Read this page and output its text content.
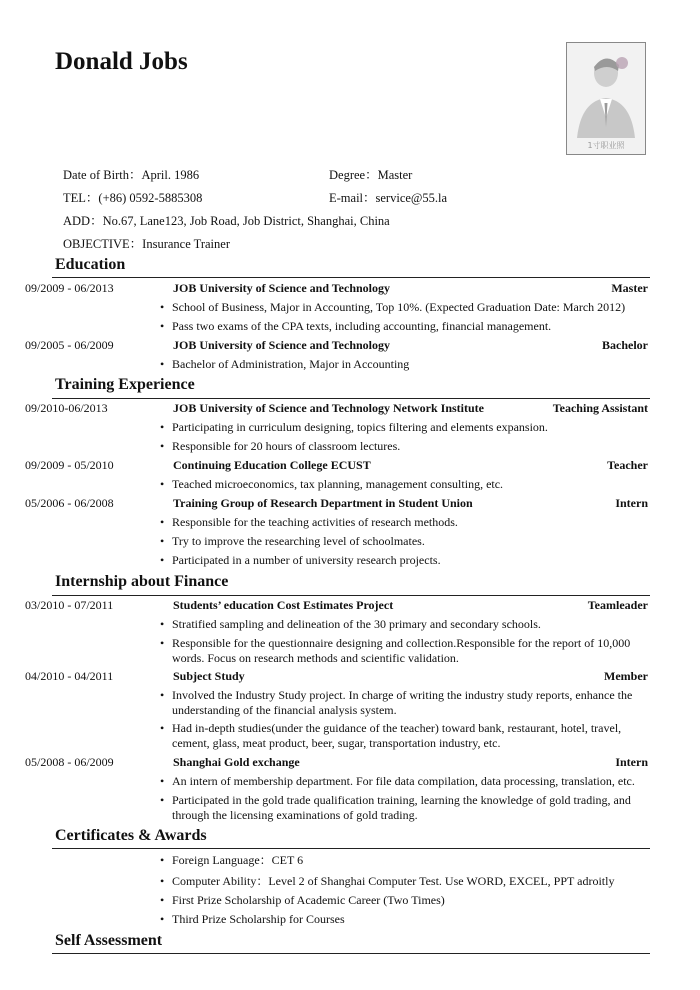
Donald Jobs
1寸职业照
Date of Birth：April. 1986	Degree：Master
TEL：(+86) 0592-5885308	E-mail：service@55.la
ADD：No.67, Lane123, Job Road, Job District, Shanghai, China
OBJECTIVE：Insurance Trainer
Education
09/2009 - 06/2013	JOB University of Science and Technology	Master
• School of Business, Major in Accounting, Top 10%. (Expected Graduation Date: March 2012)
• Pass two exams of the CPA texts, including accounting, financial management.
09/2005 - 06/2009	JOB University of Science and Technology	Bachelor
• Bachelor of Administration, Major in Accounting
Training Experience
09/2010-06/2013	JOB University of Science and Technology Network Institute	Teaching Assistant
• Participating in curriculum designing, topics filtering and elements expansion.
• Responsible for 20 hours of classroom lectures.
09/2009 - 05/2010	Continuing Education College ECUST	Teacher
• Teached microeconomics, tax planning, management consulting, etc.
05/2006 - 06/2008	Training Group of Research Department in Student Union	Intern
• Responsible for the teaching activities of research methods.
• Try to improve the researching level of schoolmates.
• Participated in a number of university research projects.
Internship about Finance
03/2010 - 07/2011	Students’ education Cost Estimates Project	Teamleader
• Stratified sampling and delineation of the 30 primary and secondary schools.
• Responsible for the questionnaire designing and collection.Responsible for the report of 10,000 words. Focus on research methods and scientific validation.
04/2010 - 04/2011	Subject Study	Member
• Involved the Industry Study project. In charge of writing the industry study reports, enhance the understanding of the financial analysis system.
• Had in-depth studies(under the guidance of the teacher) toward bank, restaurant, hotel, travel, cement, glass, meat product, beer, sugar, transportation industry, etc.
05/2008 - 06/2009	Shanghai Gold exchange	Intern
• An intern of membership department. For file data compilation, data processing, translation, etc.
• Participated in the gold trade qualification training, learning the knowledge of gold trading, and through the licensing examinations of gold trading.
Certificates & Awards
• Foreign Language：CET 6
• Computer Ability：Level 2 of Shanghai Computer Test. Use WORD, EXCEL, PPT adroitly
• First Prize Scholarship of Academic Career (Two Times)
• Third Prize Scholarship for Courses
Self Assessment
